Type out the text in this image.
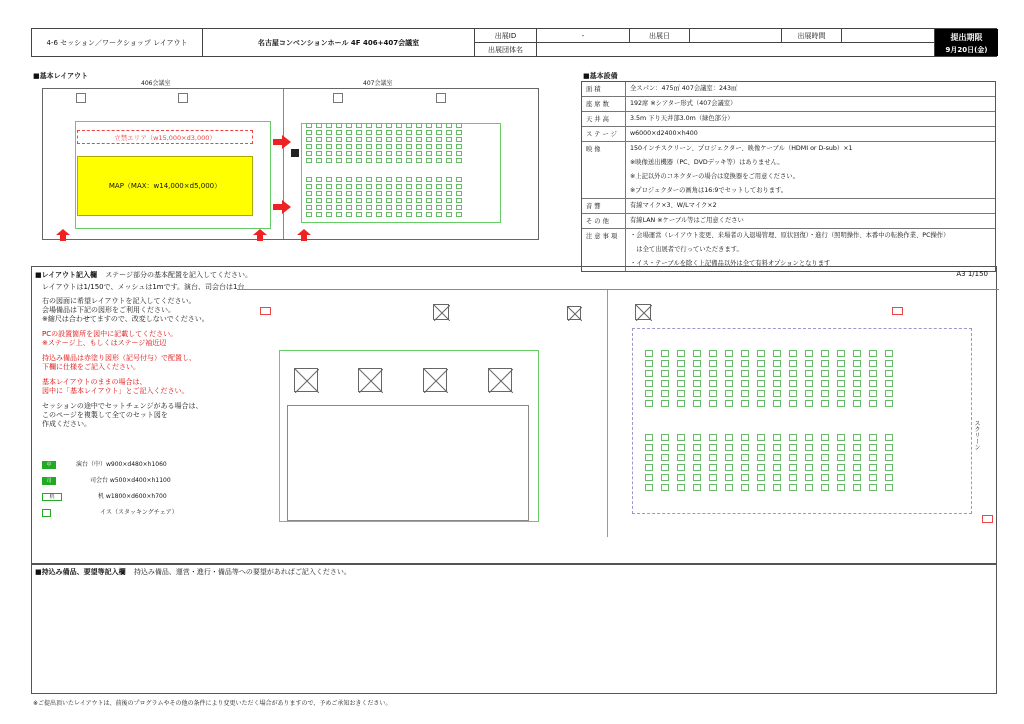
4-6 セッション／ワークショップ レイアウト	名古屋コンベンションホール 4F 406+407会議室
出展ID	-	出展日	出展時間
出展団体名
提出期限
9月20日(金)
■基本レイアウト
406会議室	407会議室
立禁エリア（w15,000×d3,000）
MAP（MAX：w14,000×d5,000）
■基本設備
面積	全スパン：475㎡ 407会議室：243㎡
座席数	192席 ※シアター形式（407会議室）
天井高	3.5m 下り天井部3.0m（緑色部分）
ステージ	w6000×d2400×h400
映像	150インチスクリーン、プロジェクター、映像ケーブル（HDMI or D-sub）×1
※映像送出機器（PC、DVDデッキ等）はありません。
※上記以外のコネクターの場合は変換器をご用意ください。
※プロジェクターの画角は16:9でセットしております。
音響	有線マイク×3、W/Lマイク×2
その他	有線LAN ※ケーブル等はご用意ください
注意事項	・会場運営（レイアウト変更、来場者の入退場管理、原状回復）・進行（照明操作、本番中の転換作業、PC操作）
　は全て出展者で行っていただきます。
・イス・テーブルを除く上記備品以外は全て有料オプションとなります
■レイアウト記入欄 ステージ部分の基本配置を記入してください。	A3 1/150
レイアウトは1/150で、メッシュは1mです。演台、司会台は1台
右の図面に希望レイアウトを記入してください。
会場備品は下記の図形をご利用ください。
※縮尺は合わせてますので、改変しないでください。
PCの設置箇所を図中に記載してください。
※ステージ上、もしくはステージ袖近辺
持込み備品は赤塗り図形（記号付与）で配置し、
下欄に仕様をご記入ください。
基本レイアウトのままの場合は、
図中に「基本レイアウト」とご記入ください。
セッションの途中でセットチェンジがある場合は、
このページを複製して全てのセット図を
作成ください。
中	演台（中）w900×d480×h1060
司	司会台 w500×d400×h1100
机	机 w1800×d600×h700
イス（スタッキングチェア）
スクリーン
■持込み備品、要望等記入欄 持込み備品、運営・進行・備品等への要望があればご記入ください。
※ご提出頂いたレイアウトは、前後のプログラムやその他の条件により変更いただく場合がありますので、予めご承知おきください。
